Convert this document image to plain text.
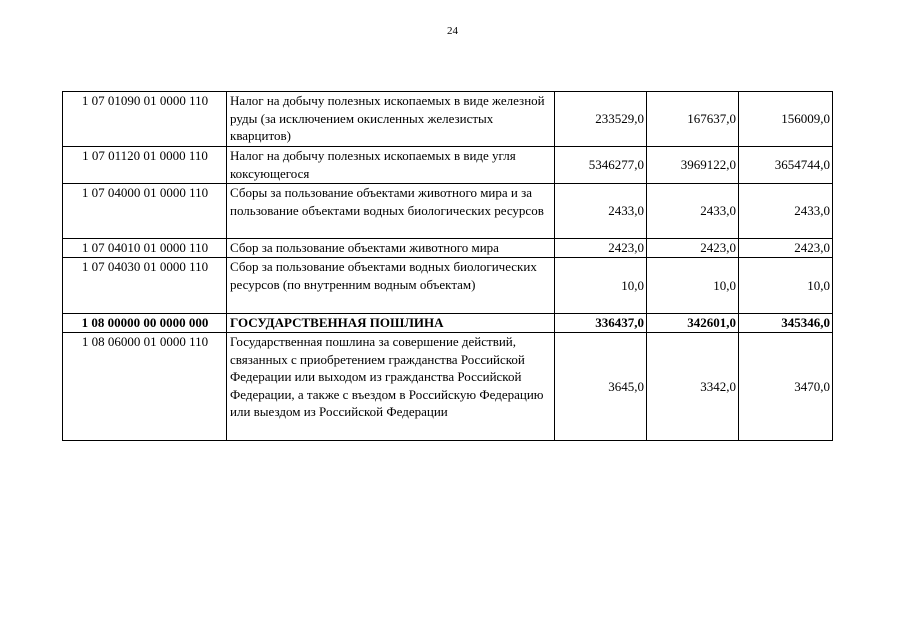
24
1 07 01090 01 0000 110	Налог на добычу полезных ископаемых в виде железной руды (за исключением окисленных железистых кварцитов)	233529,0	167637,0	156009,0
1 07 01120 01 0000 110	Налог на добычу полезных ископаемых в виде угля коксующегося	5346277,0	3969122,0	3654744,0
1 07 04000 01 0000 110	Сборы за пользование объектами животного мира и за пользование объектами водных биологических ресурсов	2433,0	2433,0	2433,0
1 07 04010 01 0000 110	Сбор за пользование объектами животного мира	2423,0	2423,0	2423,0
1 07 04030 01 0000 110	Сбор за пользование объектами водных биологических ресурсов (по внутренним водным объектам)	10,0	10,0	10,0
1 08 00000 00 0000 000	ГОСУДАРСТВЕННАЯ ПОШЛИНА	336437,0	342601,0	345346,0
1 08 06000 01 0000 110	Государственная пошлина за совершение действий, связанных с приобретением гражданства Российской Федерации или выходом из гражданства Российской Федерации, а также с въездом в Российскую Федерацию или выездом из Российской Федерации	3645,0	3342,0	3470,0
